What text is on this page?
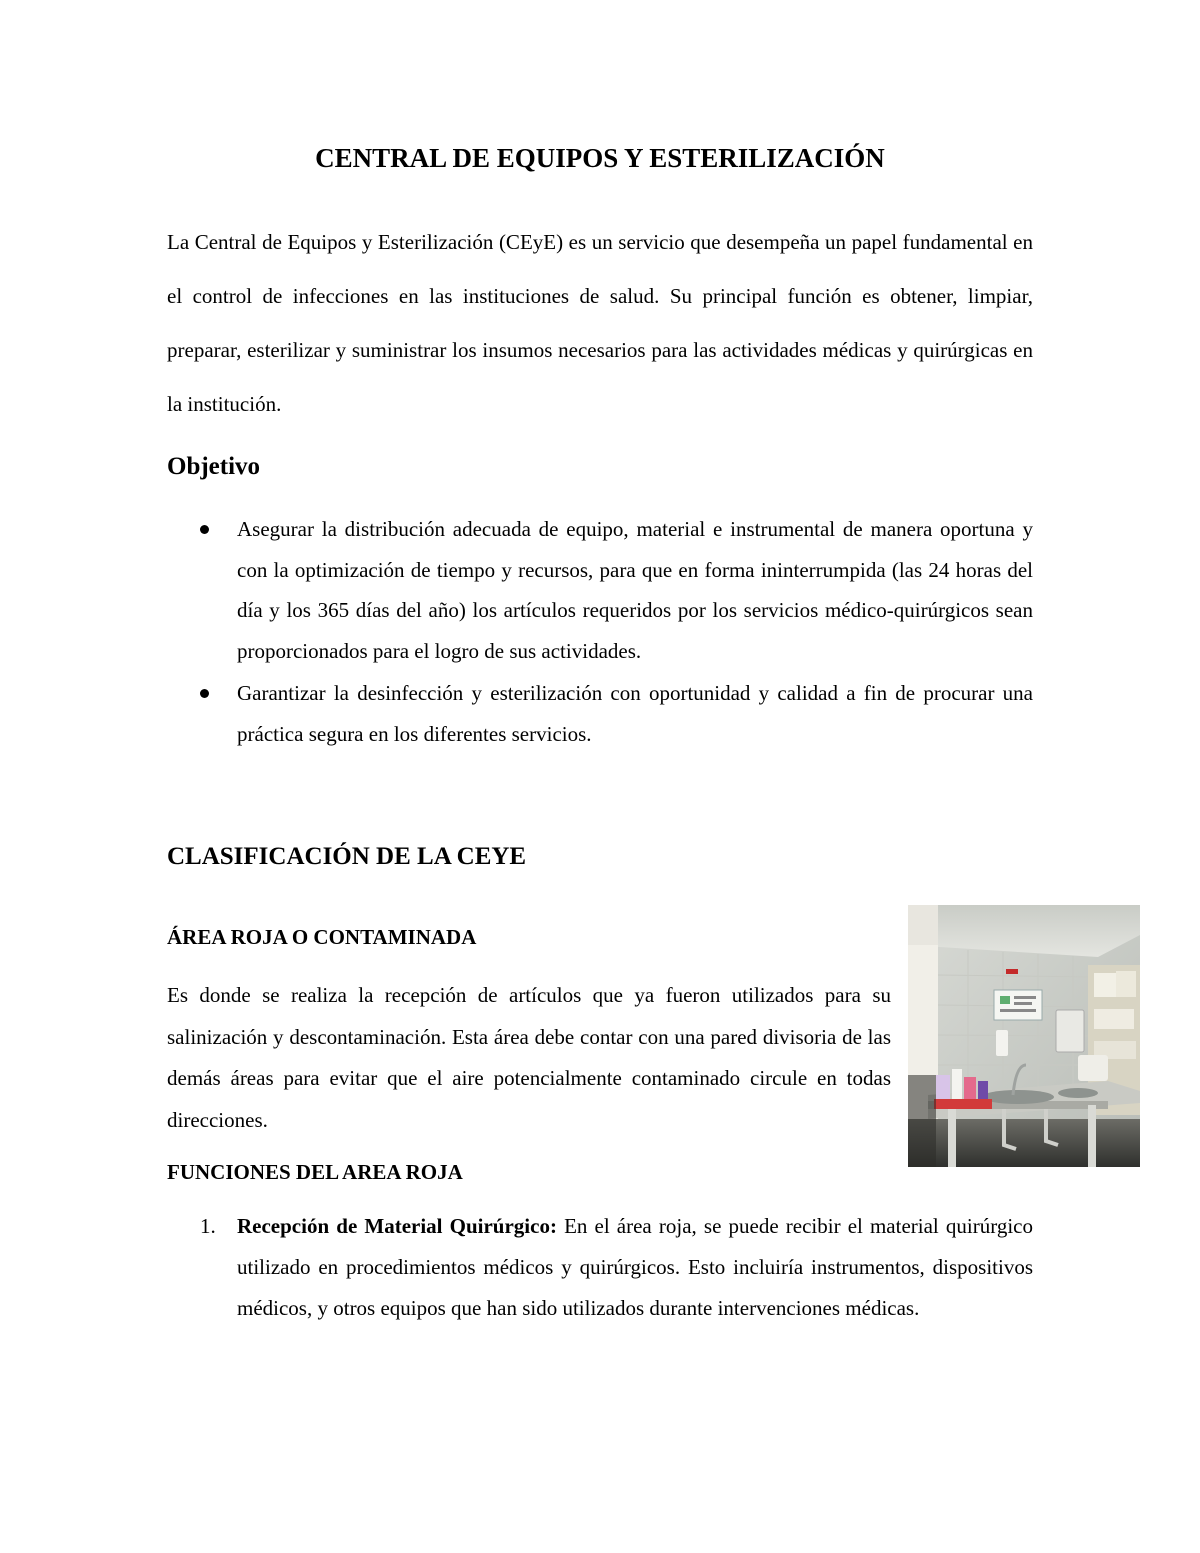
CENTRAL DE EQUIPOS Y ESTERILIZACIÓN

La Central de Equipos y Esterilización (CEyE) es un servicio que desempeña un papel fundamental en el control de infecciones en las instituciones de salud. Su principal función es obtener, limpiar, preparar, esterilizar y suministrar los insumos necesarios para las actividades médicas y quirúrgicas en la institución.

Objetivo
Asegurar la distribución adecuada de equipo, material e instrumental de manera oportuna y con la optimización de tiempo y recursos, para que en forma ininterrumpida (las 24 horas del día y los 365 días del año) los artículos requeridos por los servicios médico-quirúrgicos sean proporcionados para el logro de sus actividades.
Garantizar la desinfección y esterilización con oportunidad y calidad a fin de procurar una práctica segura en los diferentes servicios.
CLASIFICACIÓN DE LA CEYE
ÁREA ROJA O CONTAMINADA

Es donde se realiza la recepción de artículos que ya fueron utilizados para su salinización y descontaminación. Esta área debe contar con una pared divisoria de las demás áreas para evitar que el aire potencialmente contaminado circule en todas direcciones.

FUNCIONES DEL AREA ROJA
1.	Recepción de Material Quirúrgico: En el área roja, se puede recibir el material quirúrgico utilizado en procedimientos médicos y quirúrgicos. Esto incluiría instrumentos, dispositivos médicos, y otros equipos que han sido utilizados durante intervenciones médicas.
